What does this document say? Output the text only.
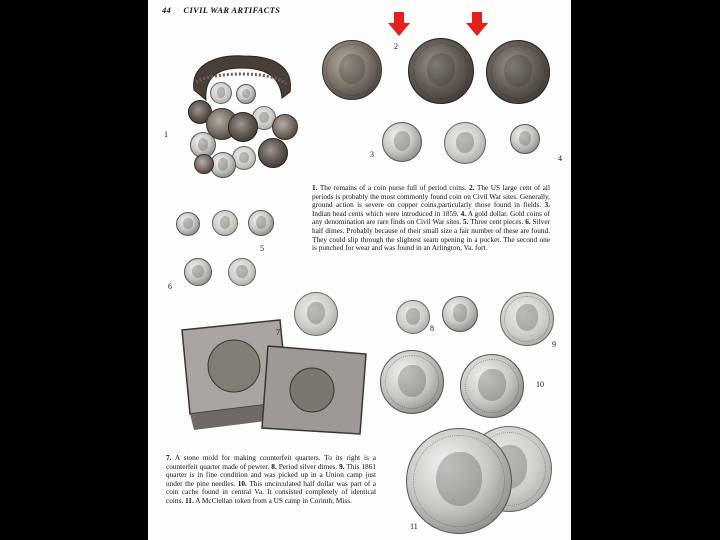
44 CIVIL WAR ARTIFACTS
1
2
3	4
1. The remains of a coin purse full of period coins. 2. The US large cent of all periods is probably the most commonly found coin on Civil War sites. Generally, ground action is severe on copper coins,particularly those found in fields. 3. Indian head cents which were introduced in 1859. 4. A gold dollar. Gold coins of any denomination are rare finds on Civil War sites. 5. Three cent pieces. 6. Silver half dimes. Probably because of their small size a fair number of these are found. They could slip through the slightest seam opening in a pocket. The second one is punched for wear and was found in an Arlington, Va. fort.
5
6
7	8
9
10
7. A stone mold for making counterfeit quarters. To its right is a counterfeit quarter made of pewter. 8. Period silver dimes. 9. This 1861 quarter is in fine condition and was picked up in a Union camp just under the pine needles. 10. This uncirculated half dollar was part of a coin cache found in central Va. It consisted completely of identical coins. 11. A McClellan token from a US camp in Corinth, Miss.
11
